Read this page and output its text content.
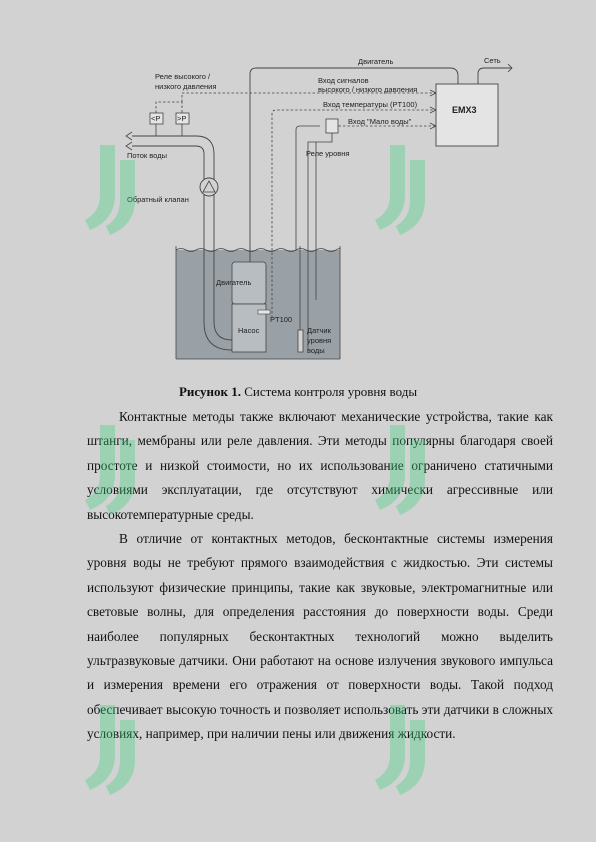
<P >P
EMX3
Двигатель	Сеть
Реле высокого /
низкого давления
Вход сигналов
высокого / низкого давления
Вход температуры (PT100)
Вход "Мало воды"
Поток воды
Обратный клапан
Реле уровня
Двигатель
PT100
Насос	Датчик
уровня
воды
Рисунок 1. Система контроля уровня воды

Контактные методы также включают механические устройства, такие как штанги, мембраны или реле давления. Эти методы популярны благодаря своей простоте и низкой стоимости, но их использование ограничено статичными условиями эксплуатации, где отсутствуют химически агрессивные или высокотемпературные среды.

В отличие от контактных методов, бесконтактные системы измерения уровня воды не требуют прямого взаимодействия с жидкостью. Эти системы используют физические принципы, такие как звуковые, электромагнитные или световые волны, для определения расстояния до поверхности воды. Среди наиболее популярных бесконтактных технологий можно выделить ультразвуковые датчики. Они работают на основе излучения звукового импульса и измерения времени его отражения от поверхности воды. Такой подход обеспечивает высокую точность и позволяет использовать эти датчики в сложных условиях, например, при наличии пены или движения жидкости.
